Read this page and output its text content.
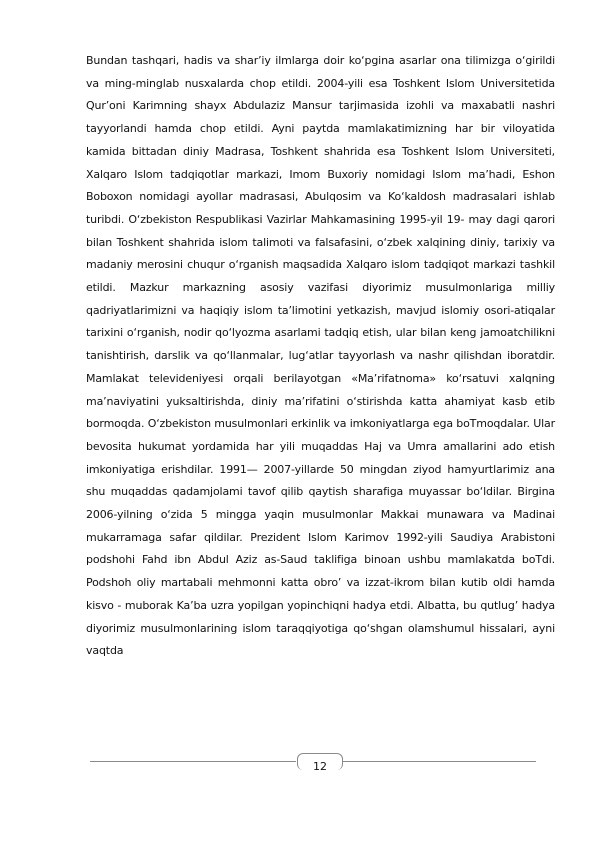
Bundan tashqari, hadis va shar’iy ilmlarga doir ko‘pgina asarlar ona tilimizga o‘girildi va ming-minglab nusxalarda chop etildi. 2004-yili esa Toshkent Islom Universitetida Qur’oni Karimning shayx Abdulaziz Mansur tarjimasida izohli va maxabatli nashri tayyorlandi hamda chop etildi. Ayni paytda mamlakatimizning har bir viloyatida kamida bittadan diniy Madrasa, Toshkent shahrida esa Toshkent Islom Universiteti, Xalqaro Islom tadqiqotlar markazi, Imom Buxoriy nomidagi Islom ma’hadi, Eshon Boboxon nomidagi ayollar madrasasi, Abulqosim va Ko‘kaldosh madrasalari ishlab turibdi. O‘zbekiston Respublikasi Vazirlar Mahkamasining 1995-yil 19- may dagi qarori bilan Toshkent shahrida islom talimoti va falsafasini, o‘zbek xalqining diniy, tarixiy va madaniy merosini chuqur o‘rganish maqsadida Xalqaro islom tadqiqot markazi tashkil etildi. Mazkur markazning asosiy vazifasi diyorimiz musulmonlariga milliy qadriyatlarimizni va haqiqiy islom ta’limotini yetkazish, mavjud islomiy osori-atiqalar tarixini o‘rganish, nodir qo‘lyozma asarlami tadqiq etish, ular bilan keng jamoatchilikni tanishtirish, darslik va qo‘llanmalar, lug‘atlar tayyorlash va nashr qilishdan iboratdir. Mamlakat televideniyesi orqali berilayotgan «Ma’rifatnoma» ko‘rsatuvi xalqning ma’naviyatini yuksaltirishda, diniy ma’rifatini o‘stirishda katta ahamiyat kasb etib bormoqda. O‘zbekiston musulmonlari erkinlik va imkoniyatlarga ega boTmoqdalar. Ular bevosita hukumat yordamida har yili muqaddas Haj va Umra amallarini ado etish imkoniyatiga erishdilar. 1991— 2007-yillarde 50 mingdan ziyod hamyurtlarimiz ana shu muqaddas qadamjolami tavof qilib qaytish sharafiga muyassar bo‘ldilar. Birgina 2006-yilning o‘zida 5 mingga yaqin musulmonlar Makkai munawara va Madinai mukarramaga safar qildilar. Prezident Islom Karimov 1992-yili Saudiya Arabistoni podshohi Fahd ibn Abdul Aziz as-Saud taklifiga binoan ushbu mamlakatda boTdi. Podshoh oliy martabali mehmonni katta obro’ va izzat-ikrom bilan kutib oldi hamda kisvo - muborak Ka’ba uzra yopilgan yopinchiqni hadya etdi. Albatta, bu qutlug’ hadya diyorimiz musulmonlarining islom taraqqiyotiga qo‘shgan olamshumul hissalari, ayni vaqtda

12
